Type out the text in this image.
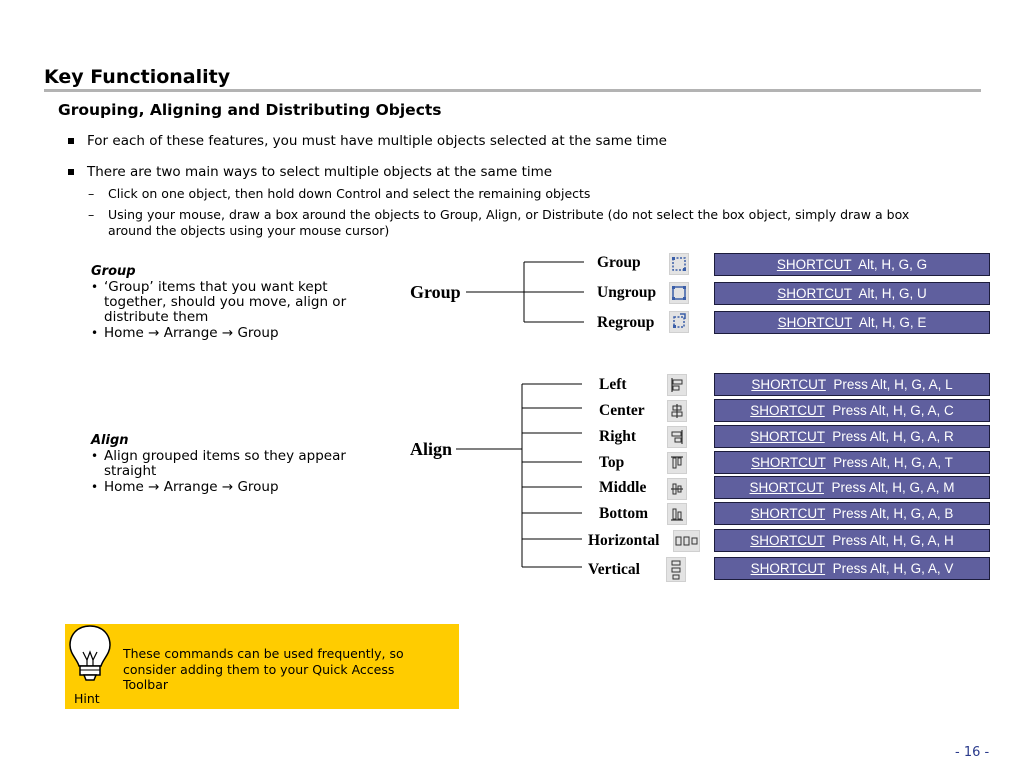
Key Functionality
Grouping, Aligning and Distributing Objects
For each of these features, you must have multiple objects selected at the same time
There are two main ways to select multiple objects at the same time
– Click on one object, then hold down Control and select the remaining objects
– Using your mouse, draw a box around the objects to Group, Align, or Distribute (do not select the box object, simply draw a box
around the objects using your mouse cursor)
Group
• ‘Group’ items that you want kept
together, should you move, align or
distribute them
• Home → Arrange → Group
Align
• Align grouped items so they appear
straight
• Home → Arrange → Group
Group
Group	SHORTCUT  Alt, H, G, G
Ungroup	SHORTCUT  Alt, H, G, U
Regroup	SHORTCUT  Alt, H, G, E
Align
Left	SHORTCUT  Press Alt, H, G, A, L
Center	SHORTCUT  Press Alt, H, G, A, C
Right	SHORTCUT  Press Alt, H, G, A, R
Top	SHORTCUT  Press Alt, H, G, A, T
Middle	SHORTCUT  Press Alt, H, G, A, M
Bottom	SHORTCUT  Press Alt, H, G, A, B
Horizontal	SHORTCUT  Press Alt, H, G, A, H
Vertical	SHORTCUT  Press Alt, H, G, A, V
These commands can be used frequently, so consider adding them to your Quick Access Toolbar
Hint
- 16 -
